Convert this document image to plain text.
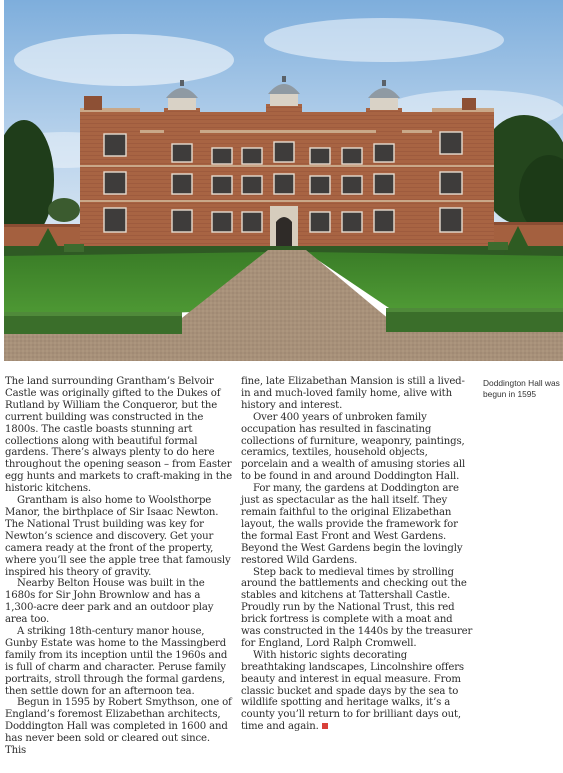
Doddington Hall was begun in 1595

The land surrounding Grantham’s Belvoir Castle was originally gifted to the Dukes of Rutland by William the Conqueror, but the current building was constructed in the 1800s. The castle boasts stunning art collections along with beautiful formal gardens. There’s always plenty to do here throughout the opening season – from Easter egg hunts and markets to craft-making in the historic kitchens.

Grantham is also home to Woolsthorpe Manor, the birthplace of Sir Isaac Newton. The National Trust building was key for Newton’s science and discovery. Get your camera ready at the front of the property, where you’ll see the apple tree that famously inspired his theory of gravity.

Nearby Belton House was built in the 1680s for Sir John Brownlow and has a 1,300-acre deer park and an outdoor play area too.

A striking 18th-century manor house, Gunby Estate was home to the Massingberd family from its inception until the 1960s and is full of charm and character. Peruse family portraits, stroll through the formal gardens, then settle down for an afternoon tea.

Begun in 1595 by Robert Smythson, one of England’s foremost Elizabethan architects, Doddington Hall was completed in 1600 and has never been sold or cleared out since. This

fine, late Elizabethan Mansion is still a lived-in and much-loved family home, alive with history and interest.

Over 400 years of unbroken family occupation has resulted in fascinating collections of furniture, weaponry, paintings, ceramics, textiles, household objects, porcelain and a wealth of amusing stories all to be found in and around Doddington Hall.

For many, the gardens at Doddington are just as spectacular as the hall itself. They remain faithful to the original Elizabethan layout, the walls provide the framework for the formal East Front and West Gardens. Beyond the West Gardens begin the lovingly restored Wild Gardens.

Step back to medieval times by strolling around the battlements and checking out the stables and kitchens at Tattershall Castle. Proudly run by the National Trust, this red brick fortress is complete with a moat and was constructed in the 1440s by the treasurer for England, Lord Ralph Cromwell.

With historic sights decorating breathtaking landscapes, Lincolnshire offers beauty and interest in equal measure. From classic bucket and spade days by the sea to wildlife spotting and heritage walks, it’s a county you’ll return to for brilliant days out, time and again.
